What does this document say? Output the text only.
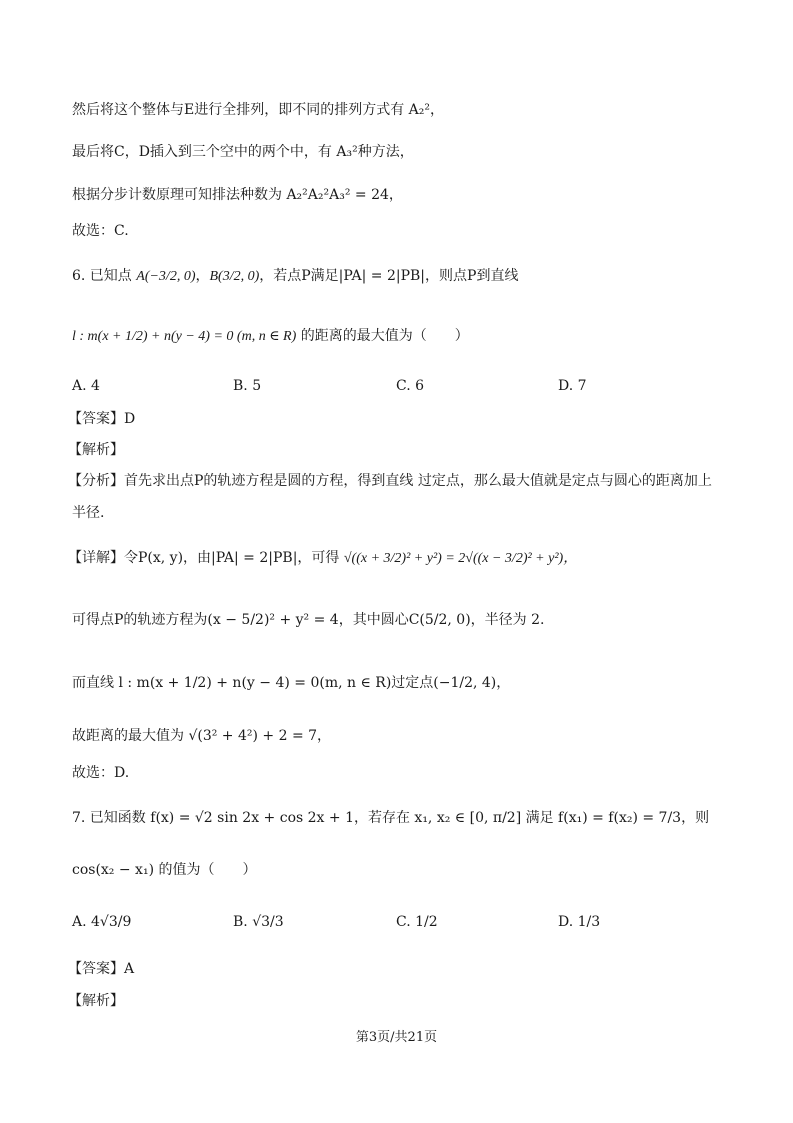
然后将这个整体与E进行全排列，即不同的排列方式有 A₂²，
最后将C，D插入到三个空中的两个中，有 A₃²种方法，
根据分步计数原理可知排法种数为 A₂²A₂²A₃² = 24，
故选：C.
6. 已知点 A(−3/2, 0)，B(3/2, 0)，若点P满足|PA| = 2|PB|，则点P到直线
l : m(x + 1/2) + n(y − 4) = 0 (m, n ∈ R) 的距离的最大值为（　　）
A. 4	B. 5	C. 6	D. 7
【答案】D
【解析】
【分析】首先求出点P的轨迹方程是圆的方程，得到直线 过定点，那么最大值就是定点与圆心的距离加上
半径.
【详解】令P(x, y)，由|PA| = 2|PB|，可得 √((x + 3/2)² + y²) = 2√((x − 3/2)² + y²)，
可得点P的轨迹方程为(x − 5/2)² + y² = 4，其中圆心C(5/2, 0)，半径为 2.
而直线 l : m(x + 1/2) + n(y − 4) = 0(m, n ∈ R)过定点(−1/2, 4)，
故距离的最大值为 √(3² + 4²) + 2 = 7，
故选：D.
7. 已知函数 f(x) = √2 sin 2x + cos 2x + 1，若存在 x₁, x₂ ∈ [0, π/2] 满足 f(x₁) = f(x₂) = 7/3，则
cos(x₂ − x₁) 的值为（　　）
A. 4√3/9	B. √3/3	C. 1/2	D. 1/3
【答案】A
【解析】
第3页/共21页
